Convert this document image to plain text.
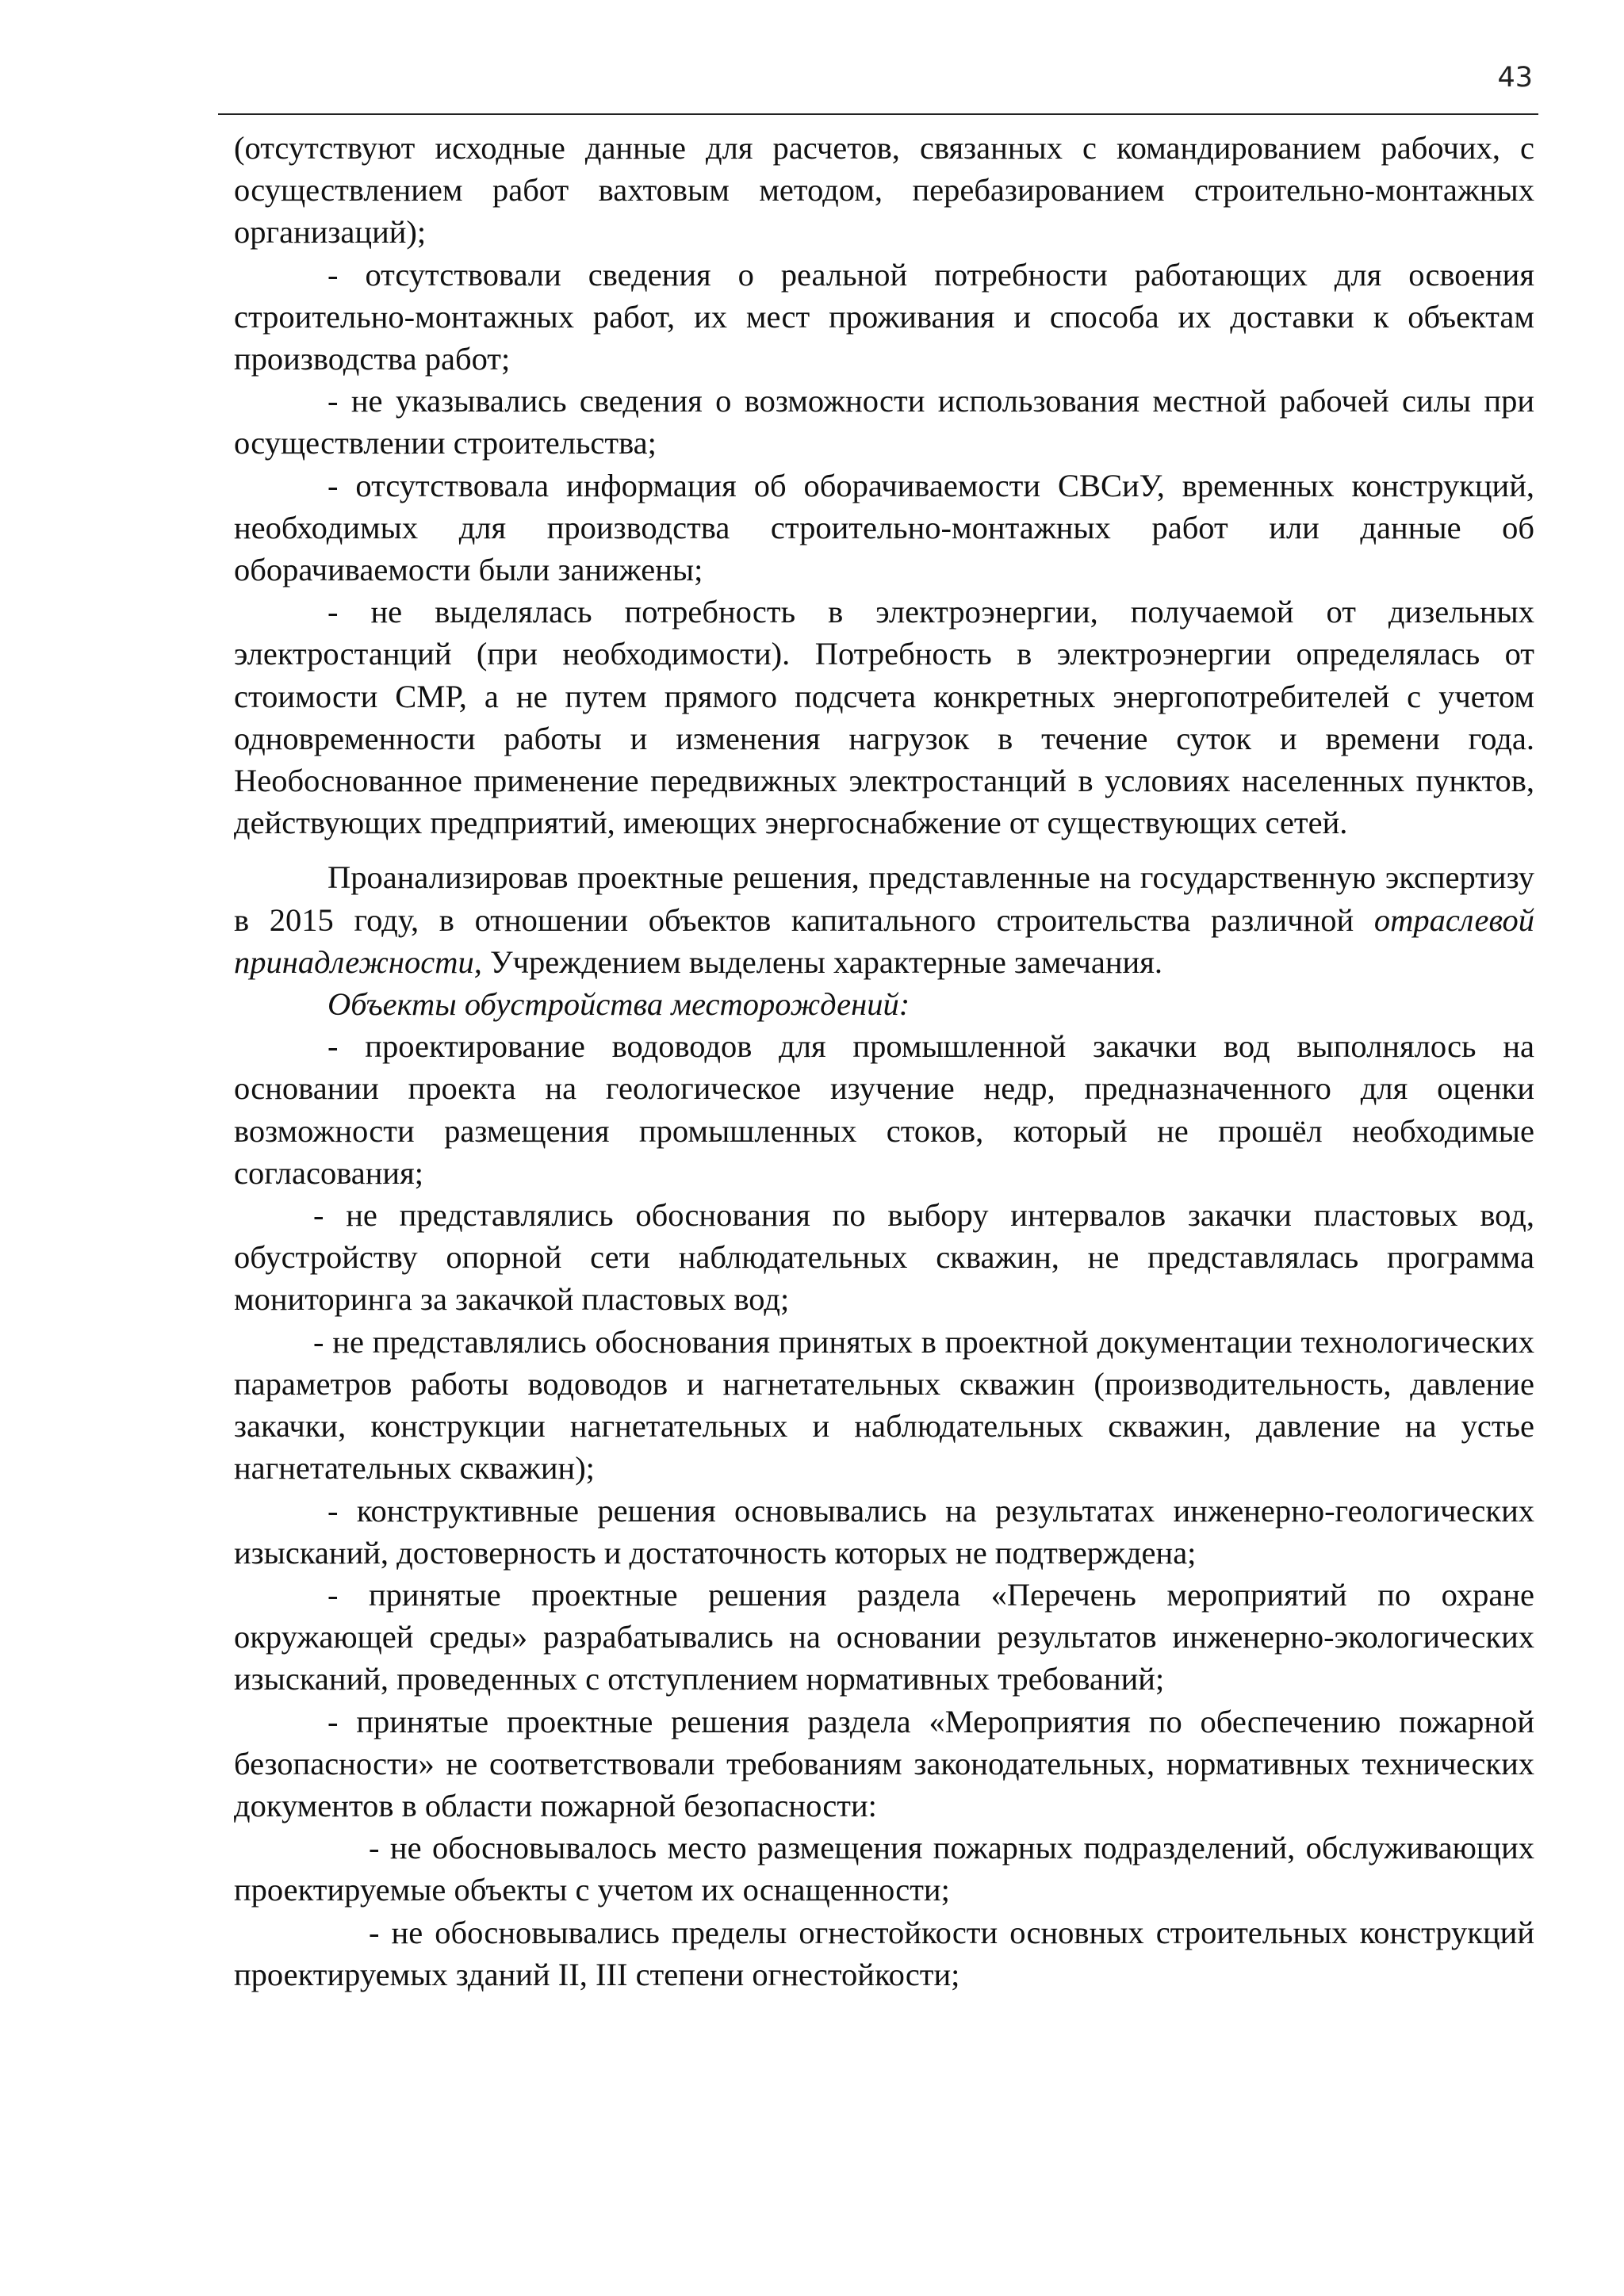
43

(отсутствуют исходные данные для расчетов, связанных с командированием рабочих, с осуществлением работ вахтовым методом, перебазированием строительно-монтажных организаций);

- отсутствовали сведения о реальной потребности работающих для освоения строительно-монтажных работ, их мест проживания и способа их доставки к объектам производства работ;

- не указывались сведения о возможности использования местной рабочей силы при осуществлении строительства;

- отсутствовала информация об оборачиваемости СВСиУ, временных конструкций, необходимых для производства строительно-монтажных работ или данные об оборачиваемости были занижены;

- не выделялась потребность в электроэнергии, получаемой от дизельных электростанций (при необходимости). Потребность в электроэнергии определялась от стоимости СМР, а не путем прямого подсчета конкретных энергопотребителей с учетом одновременности работы и изменения нагрузок в течение суток и времени года. Необоснованное применение передвижных электростанций в условиях населенных пунктов, действующих предприятий, имеющих энергоснабжение от существующих сетей.

Проанализировав проектные решения, представленные на государственную экспертизу в 2015 году, в отношении объектов капитального строительства различной отраслевой принадлежности, Учреждением выделены характерные замечания.

Объекты обустройства месторождений:

- проектирование водоводов для промышленной закачки вод выполнялось на основании проекта на геологическое изучение недр, предназначенного для оценки возможности размещения промышленных стоков, который не прошёл необходимые согласования;

- не представлялись обоснования по выбору интервалов закачки пластовых вод, обустройству опорной сети наблюдательных скважин, не представлялась программа мониторинга за закачкой пластовых вод;

- не представлялись обоснования принятых в проектной документации технологических параметров работы водоводов и нагнетательных скважин (производительность, давление закачки, конструкции нагнетательных и наблюдательных скважин, давление на устье нагнетательных скважин);

- конструктивные решения основывались на результатах инженерно-геологических изысканий, достоверность и достаточность которых не подтверждена;

- принятые проектные решения раздела «Перечень мероприятий по охране окружающей среды» разрабатывались на основании результатов инженерно-экологических изысканий, проведенных с отступлением нормативных требований;

- принятые проектные решения раздела «Мероприятия по обеспечению пожарной безопасности» не соответствовали требованиям законодательных, нормативных технических документов в области пожарной безопасности:

- не обосновывалось место размещения пожарных подразделений, обслуживающих проектируемые объекты с учетом их оснащенности;

- не обосновывались пределы огнестойкости основных строительных конструкций проектируемых зданий II, III степени огнестойкости;
